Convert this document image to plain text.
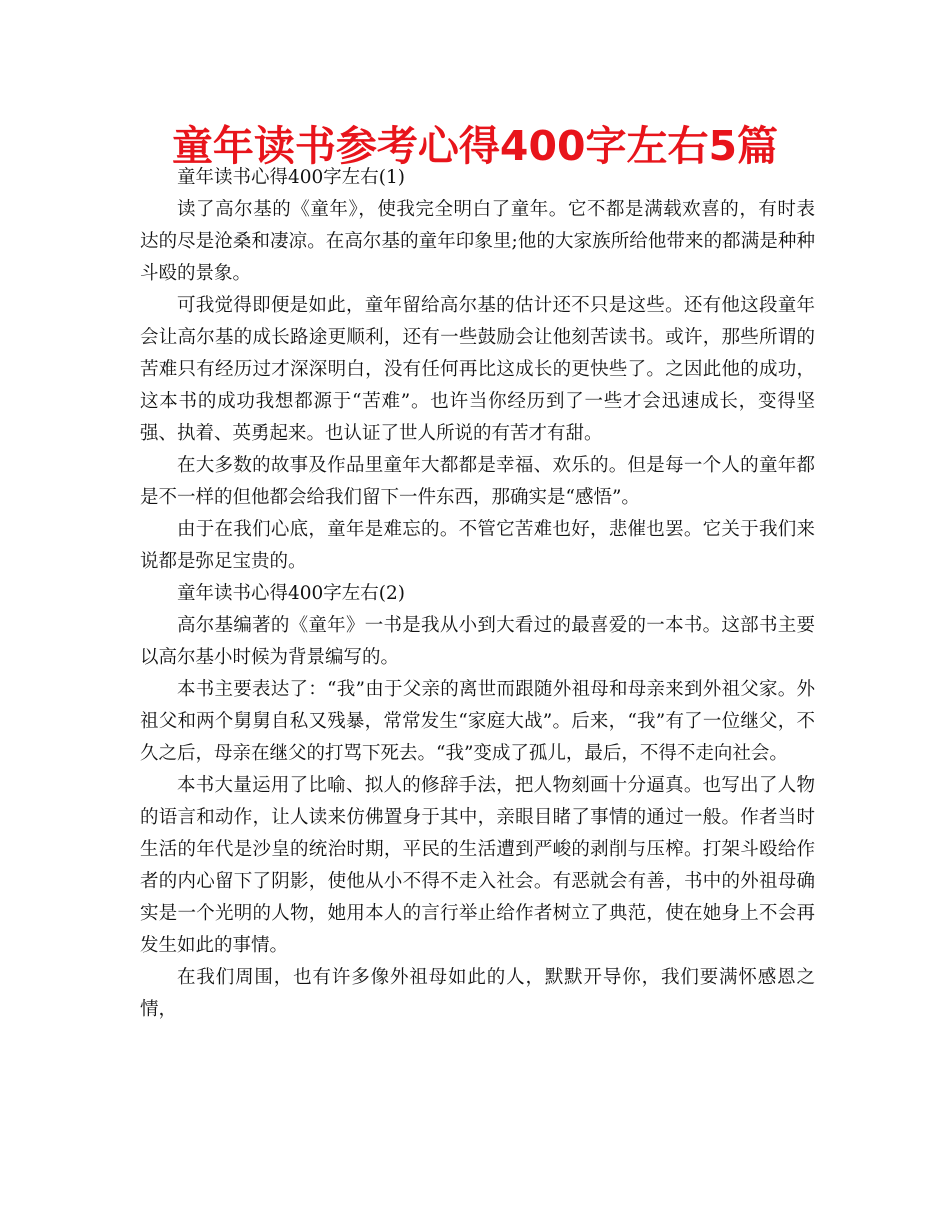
童年读书参考心得400字左右5篇

童年读书心得400字左右(1)

读了高尔基的《童年》，使我完全明白了童年。它不都是满载欢喜的，有时表达的尽是沧桑和凄凉。在高尔基的童年印象里;他的大家族所给他带来的都满是种种斗殴的景象。

可我觉得即便是如此，童年留给高尔基的估计还不只是这些。还有他这段童年会让高尔基的成长路途更顺利，还有一些鼓励会让他刻苦读书。或许，那些所谓的苦难只有经历过才深深明白，没有任何再比这成长的更快些了。之因此他的成功，这本书的成功我想都源于“苦难”。也许当你经历到了一些才会迅速成长，变得坚强、执着、英勇起来。也认证了世人所说的有苦才有甜。

在大多数的故事及作品里童年大都都是幸福、欢乐的。但是每一个人的童年都是不一样的但他都会给我们留下一件东西，那确实是“感悟”。

由于在我们心底，童年是难忘的。不管它苦难也好，悲催也罢。它关于我们来说都是弥足宝贵的。

童年读书心得400字左右(2)

高尔基编著的《童年》一书是我从小到大看过的最喜爱的一本书。这部书主要以高尔基小时候为背景编写的。

本书主要表达了：“我”由于父亲的离世而跟随外祖母和母亲来到外祖父家。外祖父和两个舅舅自私又残暴，常常发生“家庭大战”。后来，“我”有了一位继父，不久之后，母亲在继父的打骂下死去。“我”变成了孤儿，最后，不得不走向社会。

本书大量运用了比喻、拟人的修辞手法，把人物刻画十分逼真。也写出了人物的语言和动作，让人读来仿佛置身于其中，亲眼目睹了事情的通过一般。作者当时生活的年代是沙皇的统治时期，平民的生活遭到严峻的剥削与压榨。打架斗殴给作者的内心留下了阴影，使他从小不得不走入社会。有恶就会有善，书中的外祖母确实是一个光明的人物，她用本人的言行举止给作者树立了典范，使在她身上不会再发生如此的事情。

在我们周围，也有许多像外祖母如此的人，默默开导你，我们要满怀感恩之情，
